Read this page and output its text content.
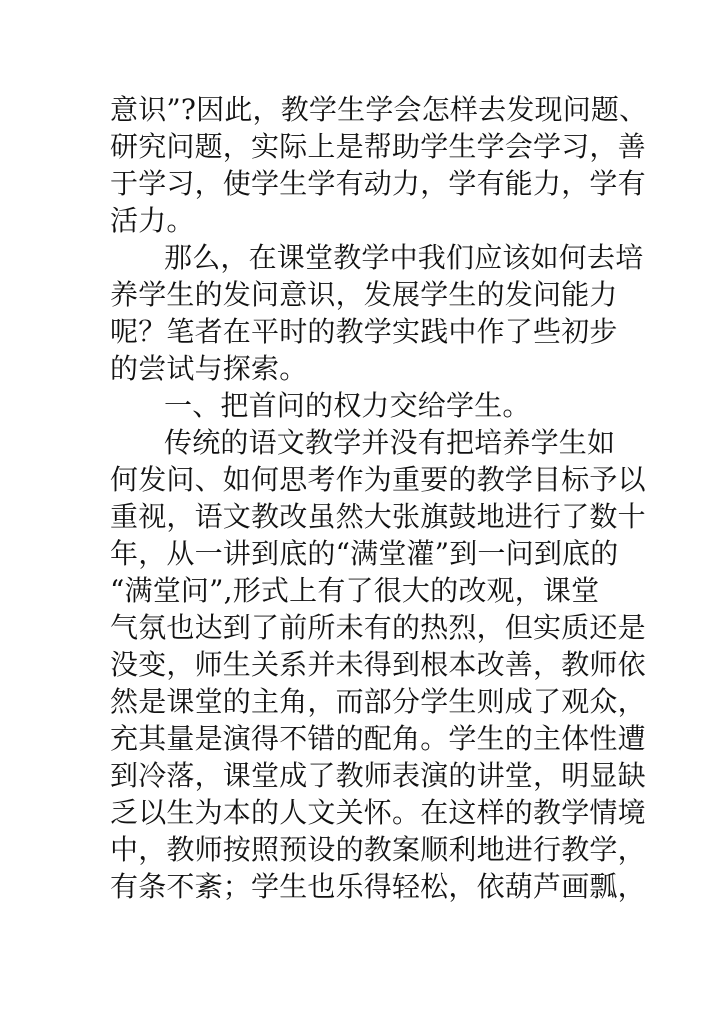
意识”?因此，教学生学会怎样去发现问题、
研究问题，实际上是帮助学生学会学习，善
于学习，使学生学有动力，学有能力，学有
活力。
那么，在课堂教学中我们应该如何去培
养学生的发问意识，发展学生的发问能力
呢？笔者在平时的教学实践中作了些初步
的尝试与探索。
一、把首问的权力交给学生。
传统的语文教学并没有把培养学生如
何发问、如何思考作为重要的教学目标予以
重视，语文教改虽然大张旗鼓地进行了数十
年，从一讲到底的“满堂灌”到一问到底的
“满堂问”,形式上有了很大的改观，课堂
气氛也达到了前所未有的热烈，但实质还是
没变，师生关系并未得到根本改善，教师依
然是课堂的主角，而部分学生则成了观众，
充其量是演得不错的配角。学生的主体性遭
到冷落，课堂成了教师表演的讲堂，明显缺
乏以生为本的人文关怀。在这样的教学情境
中，教师按照预设的教案顺利地进行教学，
有条不紊；学生也乐得轻松，依葫芦画瓢，
